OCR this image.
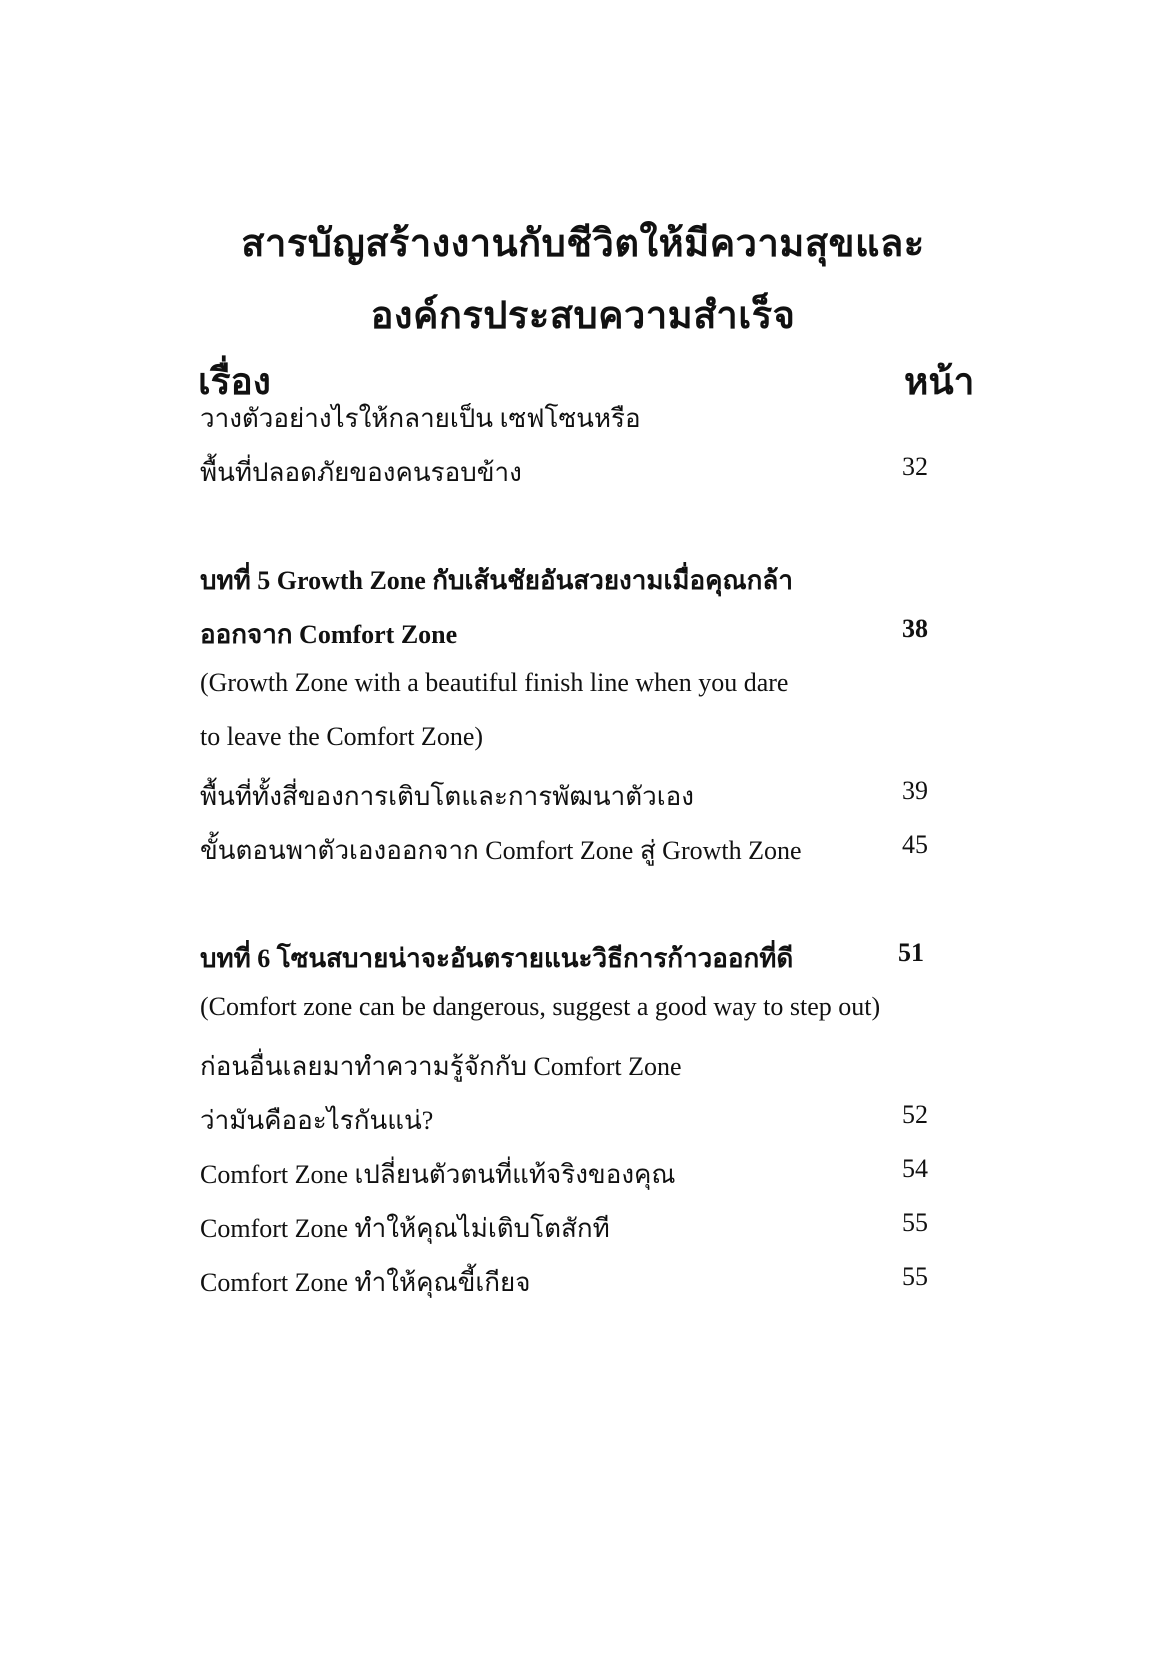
สารบัญสร้างงานกับชีวิตให้มีความสุขและ
องค์กรประสบความสำเร็จ
เรื่อง	หน้า
วางตัวอย่างไรให้กลายเป็น เซฟโซนหรือ
พื้นที่ปลอดภัยของคนรอบข้าง	32
บทที่ 5 Growth Zone กับเส้นชัยอันสวยงามเมื่อคุณกล้า
ออกจาก Comfort Zone	38
(Growth Zone with a beautiful finish line when you dare
to leave the Comfort Zone)
พื้นที่ทั้งสี่ของการเติบโตและการพัฒนาตัวเอง	39
ขั้นตอนพาตัวเองออกจาก Comfort Zone สู่ Growth Zone	45
บทที่ 6 โซนสบายน่าจะอันตรายแนะวิธีการก้าวออกที่ดี	51
(Comfort zone can be dangerous, suggest a good way to step out)
ก่อนอื่นเลยมาทำความรู้จักกับ Comfort Zone
ว่ามันคืออะไรกันแน่?	52
Comfort Zone เปลี่ยนตัวตนที่แท้จริงของคุณ	54
Comfort Zone ทำให้คุณไม่เติบโตสักที	55
Comfort Zone ทำให้คุณขี้เกียจ	55
